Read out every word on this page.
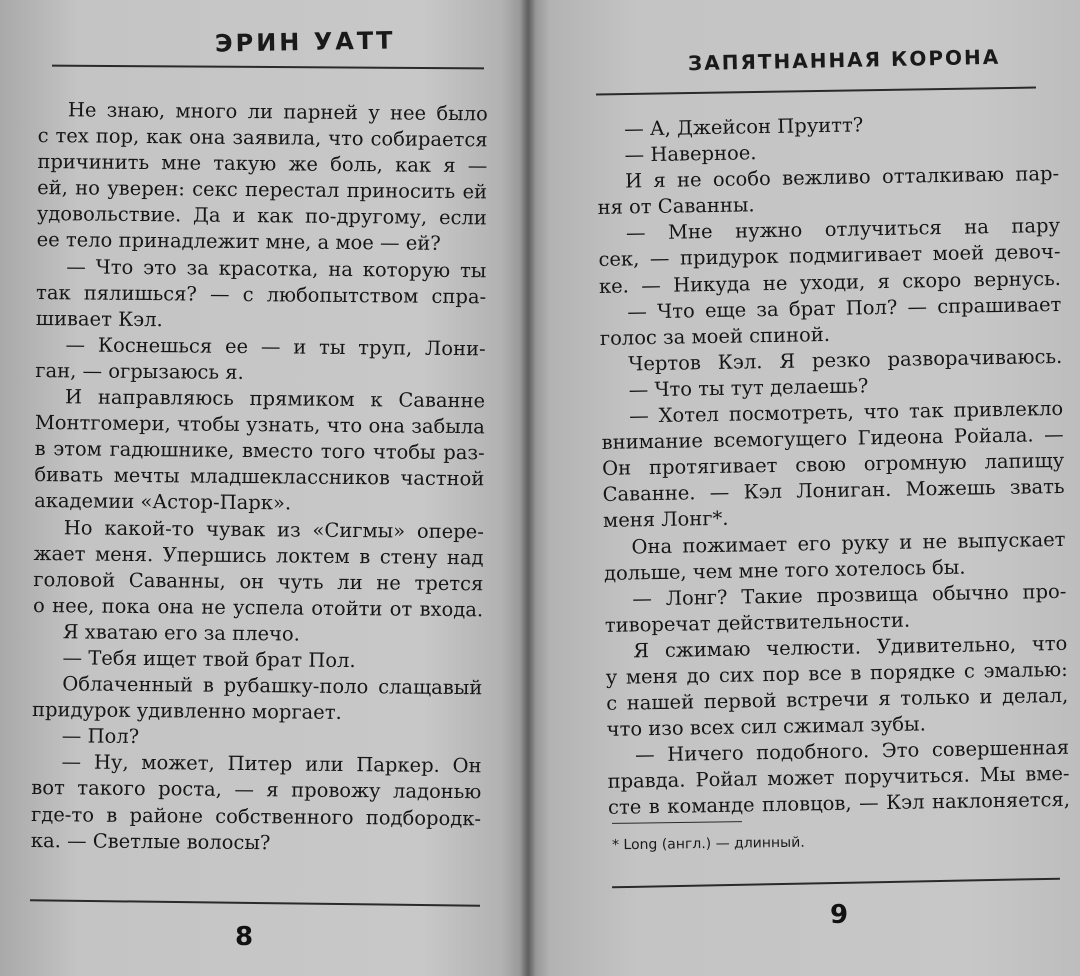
ЭРИН УАТТ
Не знаю, много ли парней у нее было
с тех пор, как она заявила, что собирается
причинить мне такую же боль, как я —
ей, но уверен: секс перестал приносить ей
удовольствие. Да и как по-другому, если
ее тело принадлежит мне, а мое — ей?
— Что это за красотка, на которую ты
так пялишься? — с любопытством спра-
шивает Кэл.
— Коснешься ее — и ты труп, Лони-
ган, — огрызаюсь я.
И направляюсь прямиком к Саванне
Монтгомери, чтобы узнать, что она забыла
в этом гадюшнике, вместо того чтобы раз-
бивать мечты младшеклассников частной
академии «Астор-Парк».
Но какой-то чувак из «Сигмы» опере-
жает меня. Упершись локтем в стену над
головой Саванны, он чуть ли не трется
о нее, пока она не успела отойти от входа.
Я хватаю его за плечо.
— Тебя ищет твой брат Пол.
Облаченный в рубашку-поло слащавый
придурок удивленно моргает.
— Пол?
— Ну, может, Питер или Паркер. Он
вот такого роста, — я провожу ладонью
где-то в районе собственного подбородк-
ка. — Светлые волосы?
8
ЗАПЯТНАННАЯ КОРОНА
— А, Джейсон Пруитт?
— Наверное.
И я не особо вежливо отталкиваю пар-
ня от Саванны.
— Мне нужно отлучиться на пару
сек, — придурок подмигивает моей девоч-
ке. — Никуда не уходи, я скоро вернусь.
— Что еще за брат Пол? — спрашивает
голос за моей спиной.
Чертов Кэл. Я резко разворачиваюсь.
— Что ты тут делаешь?
— Хотел посмотреть, что так привлекло
внимание всемогущего Гидеона Ройала. —
Он протягивает свою огромную лапищу
Саванне. — Кэл Лониган. Можешь звать
меня Лонг*.
Она пожимает его руку и не выпускает
дольше, чем мне того хотелось бы.
— Лонг? Такие прозвища обычно про-
тиворечат действительности.
Я сжимаю челюсти. Удивительно, что
у меня до сих пор все в порядке с эмалью:
с нашей первой встречи я только и делал,
что изо всех сил сжимал зубы.
— Ничего подобного. Это совершенная
правда. Ройал может поручиться. Мы вме-
сте в команде пловцов, — Кэл наклоняется,
* Long (англ.) — длинный.
9
